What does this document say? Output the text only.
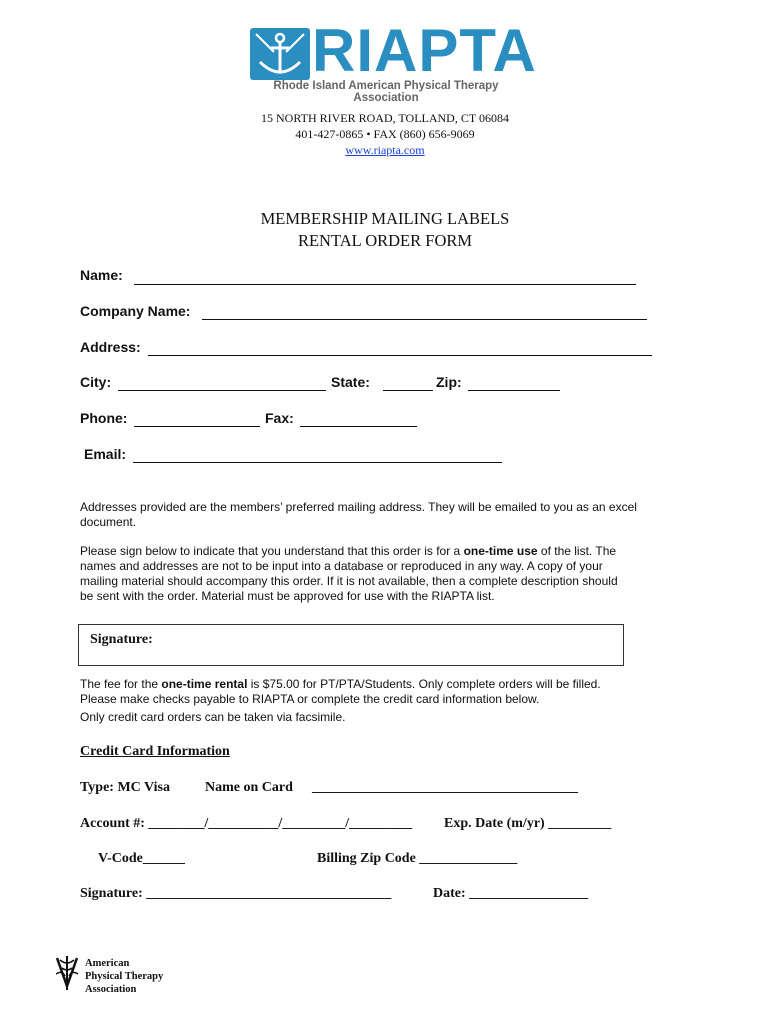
RIAPTA
Rhode Island American Physical Therapy Association
15 NORTH RIVER ROAD, TOLLAND, CT 06084
401-427-0865 • FAX (860) 656-9069
www.riapta.com
MEMBERSHIP MAILING LABELS
RENTAL ORDER FORM
Name:
Company Name:
Address:
City:	State:	Zip:
Phone:	Fax:
Email:
Addresses provided are the members’ preferred mailing address. They will be emailed to you as an excel document.
Please sign below to indicate that you understand that this order is for a one-time use of the list. The names and addresses are not to be input into a database or reproduced in any way. A copy of your mailing material should accompany this order. If it is not available, then a complete description should be sent with the order. Material must be approved for use with the RIAPTA list.
Signature:
The fee for the one-time rental is $75.00 for PT/PTA/Students. Only complete orders will be filled. Please make checks payable to RIAPTA or complete the credit card information below.
Only credit card orders can be taken via facsimile.
Credit Card Information
Type: MC Visa	Name on Card ______________________________________
Account #: ________/__________/_________/_________ Exp. Date (m/yr) _________
V-Code______	Billing Zip Code ______________
Signature: ___________________________________	Date: _________________
American
Physical Therapy
Association
